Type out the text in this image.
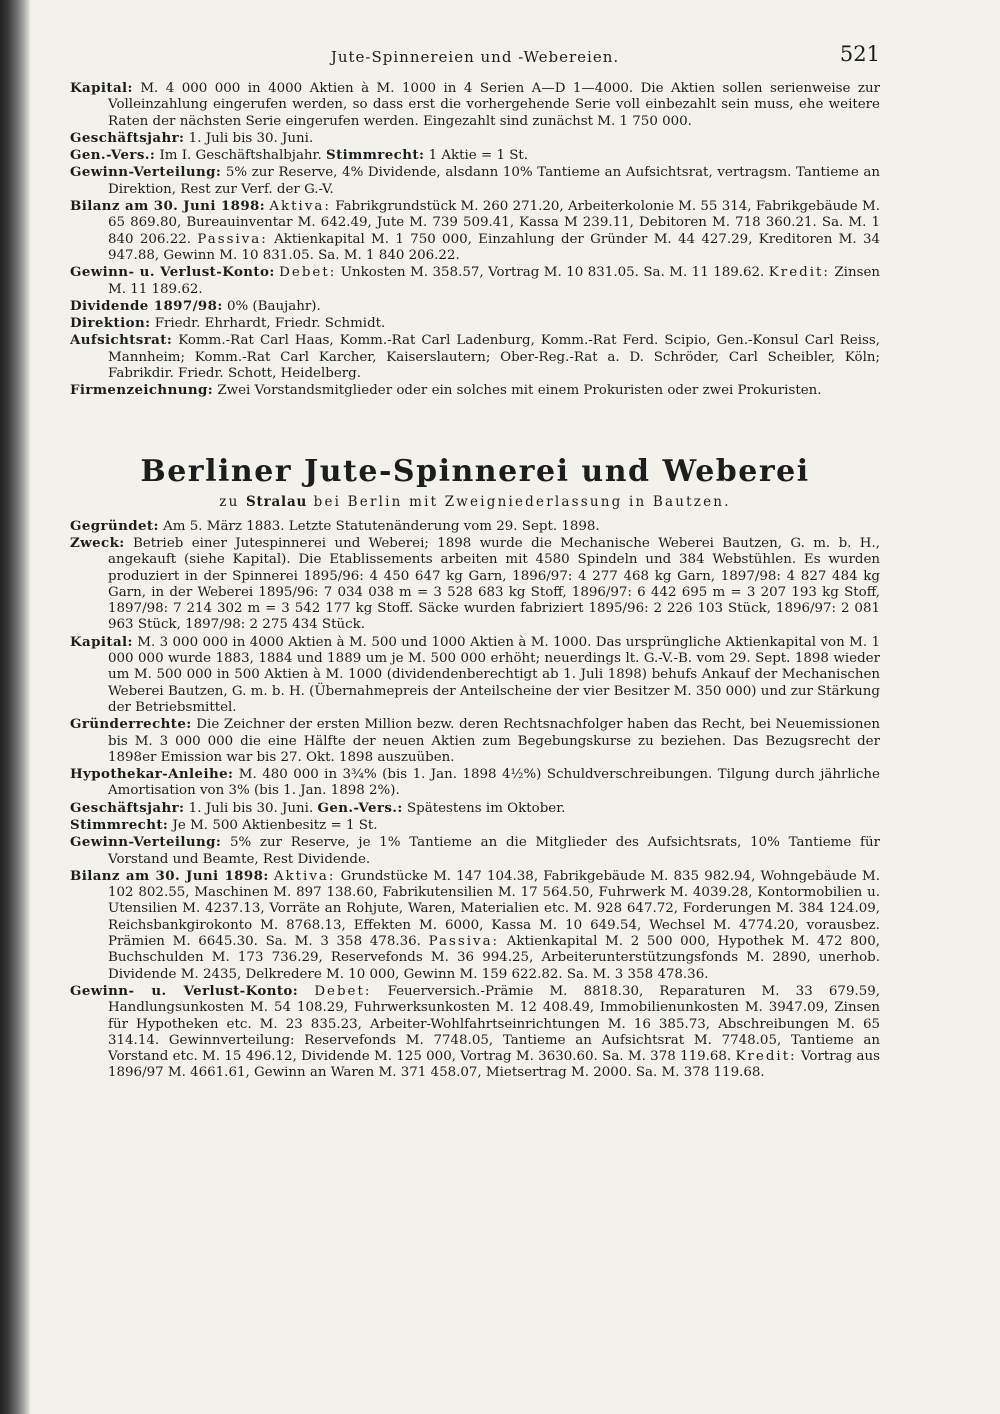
Jute-Spinnereien und -Webereien.	521

Kapital: M. 4 000 000 in 4000 Aktien à M. 1000 in 4 Serien A—D 1—4000. Die Aktien sollen serienweise zur Volleinzahlung eingerufen werden, so dass erst die vorhergehende Serie voll einbezahlt sein muss, ehe weitere Raten der nächsten Serie eingerufen werden. Eingezahlt sind zunächst M. 1 750 000.

Geschäftsjahr: 1. Juli bis 30. Juni.

Gen.-Vers.: Im I. Geschäftshalbjahr. Stimmrecht: 1 Aktie = 1 St.

Gewinn-Verteilung: 5% zur Reserve, 4% Dividende, alsdann 10% Tantieme an Aufsichtsrat, vertragsm. Tantieme an Direktion, Rest zur Verf. der G.-V.

Bilanz am 30. Juni 1898: Aktiva: Fabrikgrundstück M. 260 271.20, Arbeiterkolonie M. 55 314, Fabrikgebäude M. 65 869.80, Bureauinventar M. 642.49, Jute M. 739 509.41, Kassa M 239.11, Debitoren M. 718 360.21. Sa. M. 1 840 206.22. Passiva: Aktienkapital M. 1 750 000, Einzahlung der Gründer M. 44 427.29, Kreditoren M. 34 947.88, Gewinn M. 10 831.05. Sa. M. 1 840 206.22.

Gewinn- u. Verlust-Konto: Debet: Unkosten M. 358.57, Vortrag M. 10 831.05. Sa. M. 11 189.62. Kredit: Zinsen M. 11 189.62.

Dividende 1897/98: 0% (Baujahr).

Direktion: Friedr. Ehrhardt, Friedr. Schmidt.

Aufsichtsrat: Komm.-Rat Carl Haas, Komm.-Rat Carl Ladenburg, Komm.-Rat Ferd. Scipio, Gen.-Konsul Carl Reiss, Mannheim; Komm.-Rat Carl Karcher, Kaiserslautern; Ober-Reg.-Rat a. D. Schröder, Carl Scheibler, Köln; Fabrikdir. Friedr. Schott, Heidelberg.

Firmenzeichnung: Zwei Vorstandsmitglieder oder ein solches mit einem Prokuristen oder zwei Prokuristen.

Berliner Jute-Spinnerei und Weberei

zu Stralau bei Berlin mit Zweigniederlassung in Bautzen.

Gegründet: Am 5. März 1883. Letzte Statutenänderung vom 29. Sept. 1898.

Zweck: Betrieb einer Jutespinnerei und Weberei; 1898 wurde die Mechanische Weberei Bautzen, G. m. b. H., angekauft (siehe Kapital). Die Etablissements arbeiten mit 4580 Spindeln und 384 Webstühlen. Es wurden produziert in der Spinnerei 1895/96: 4 450 647 kg Garn, 1896/97: 4 277 468 kg Garn, 1897/98: 4 827 484 kg Garn, in der Weberei 1895/96: 7 034 038 m = 3 528 683 kg Stoff, 1896/97: 6 442 695 m = 3 207 193 kg Stoff, 1897/98: 7 214 302 m = 3 542 177 kg Stoff. Säcke wurden fabriziert 1895/96: 2 226 103 Stück, 1896/97: 2 081 963 Stück, 1897/98: 2 275 434 Stück.

Kapital: M. 3 000 000 in 4000 Aktien à M. 500 und 1000 Aktien à M. 1000. Das ursprüngliche Aktienkapital von M. 1 000 000 wurde 1883, 1884 und 1889 um je M. 500 000 erhöht; neuerdings lt. G.-V.-B. vom 29. Sept. 1898 wieder um M. 500 000 in 500 Aktien à M. 1000 (dividendenberechtigt ab 1. Juli 1898) behufs Ankauf der Mechanischen Weberei Bautzen, G. m. b. H. (Übernahmepreis der Anteilscheine der vier Besitzer M. 350 000) und zur Stärkung der Betriebsmittel.

Gründerrechte: Die Zeichner der ersten Million bezw. deren Rechtsnachfolger haben das Recht, bei Neuemissionen bis M. 3 000 000 die eine Hälfte der neuen Aktien zum Begebungskurse zu beziehen. Das Bezugsrecht der 1898er Emission war bis 27. Okt. 1898 auszuüben.

Hypothekar-Anleihe: M. 480 000 in 3¾% (bis 1. Jan. 1898 4½%) Schuldverschreibungen. Tilgung durch jährliche Amortisation von 3% (bis 1. Jan. 1898 2%).

Geschäftsjahr: 1. Juli bis 30. Juni. Gen.-Vers.: Spätestens im Oktober.

Stimmrecht: Je M. 500 Aktienbesitz = 1 St.

Gewinn-Verteilung: 5% zur Reserve, je 1% Tantieme an die Mitglieder des Aufsichtsrats, 10% Tantieme für Vorstand und Beamte, Rest Dividende.

Bilanz am 30. Juni 1898: Aktiva: Grundstücke M. 147 104.38, Fabrikgebäude M. 835 982.94, Wohngebäude M. 102 802.55, Maschinen M. 897 138.60, Fabrikutensilien M. 17 564.50, Fuhrwerk M. 4039.28, Kontormobilien u. Utensilien M. 4237.13, Vorräte an Rohjute, Waren, Materialien etc. M. 928 647.72, Forderungen M. 384 124.09, Reichsbankgirokonto M. 8768.13, Effekten M. 6000, Kassa M. 10 649.54, Wechsel M. 4774.20, vorausbez. Prämien M. 6645.30. Sa. M. 3 358 478.36. Passiva: Aktienkapital M. 2 500 000, Hypothek M. 472 800, Buchschulden M. 173 736.29, Reservefonds M. 36 994.25, Arbeiterunterstützungsfonds M. 2890, unerhob. Dividende M. 2435, Delkredere M. 10 000, Gewinn M. 159 622.82. Sa. M. 3 358 478.36.

Gewinn- u. Verlust-Konto: Debet: Feuerversich.-Prämie M. 8818.30, Reparaturen M. 33 679.59, Handlungsunkosten M. 54 108.29, Fuhrwerksunkosten M. 12 408.49, Immobilienunkosten M. 3947.09, Zinsen für Hypotheken etc. M. 23 835.23, Arbeiter-Wohlfahrtseinrichtungen M. 16 385.73, Abschreibungen M. 65 314.14. Gewinnverteilung: Reservefonds M. 7748.05, Tantieme an Aufsichtsrat M. 7748.05, Tantieme an Vorstand etc. M. 15 496.12, Dividende M. 125 000, Vortrag M. 3630.60. Sa. M. 378 119.68. Kredit: Vortrag aus 1896/97 M. 4661.61, Gewinn an Waren M. 371 458.07, Mietsertrag M. 2000. Sa. M. 378 119.68.
